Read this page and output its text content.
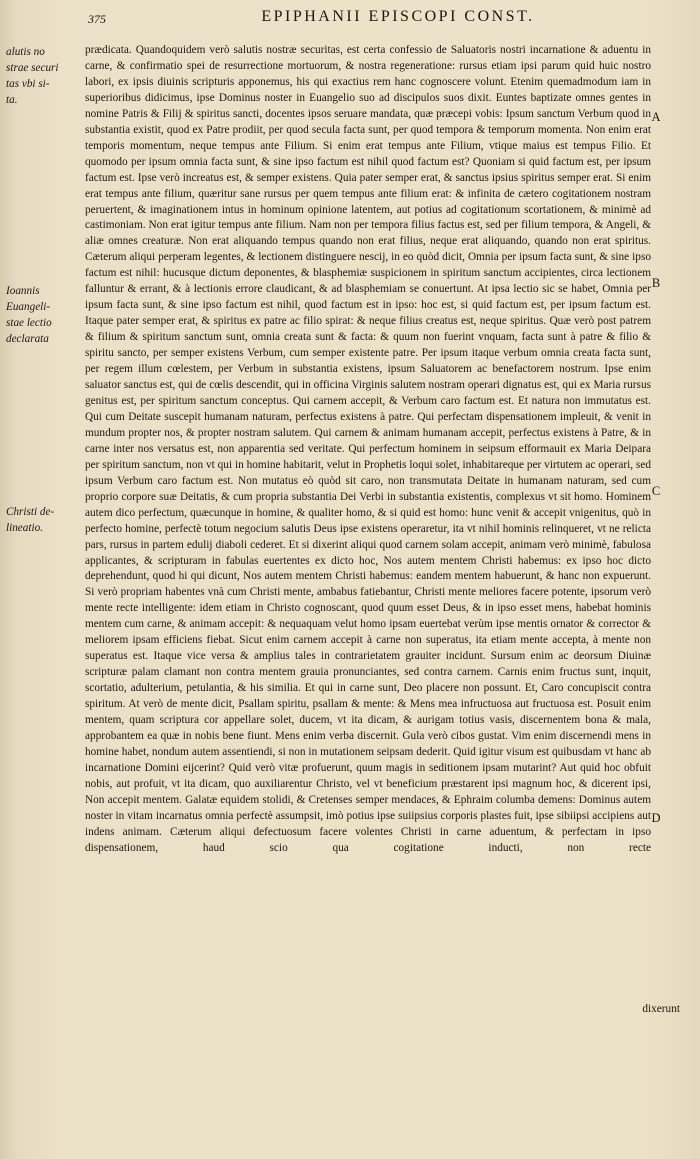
375	EPIPHANII EPISCOPI CONST.
alutis no
strae securi
tas vbi si-
ta.
Ioannis
Euangeli-
stae lectio
declarata
Christi de-
lineatio.

prædicata. Quandoquidem verò salutis nostræ securitas, est certa confessio de Saluatoris nostri incarnatione & aduentu in carne, & confirmatio spei de resurrectione mortuorum, & nostra regeneratione: rursus etiam ipsi parum quid huic nostro labori, ex ipsis diuinis scripturis apponemus, his qui exactius rem hanc cognoscere volunt. Etenim quemadmodum iam in superioribus didicimus, ipse Dominus noster in Euangelio suo ad discipulos suos dixit. Euntes baptizate omnes gentes in nomine Patris & Filij & spiritus sancti, docentes ipsos seruare mandata, quæ præcepi vobis: Ipsum sanctum Verbum quod in substantia existit, quod ex Patre prodiit, per quod secula facta sunt, per quod tempora & temporum momenta. Non enim erat temporis momentum, neque tempus ante Filium. Si enim erat tempus ante Filium, vtique maius est tempus Filio. Et quomodo per ipsum omnia facta sunt, & sine ipso factum est nihil quod factum est? Quoniam si quid factum est, per ipsum factum est. Ipse verò increatus est, & semper existens. Quia pater semper erat, & sanctus ipsius spiritus semper erat. Si enim erat tempus ante filium, quæritur sane rursus per quem tempus ante filium erat: & infinita de cætero cogitationem nostram peruertent, & imaginationem intus in hominum opinione latentem, aut potius ad cogitationum scortationem, & minimè ad castimoniam. Non erat igitur tempus ante filium. Nam non per tempora filius factus est, sed per filium tempora, & Angeli, & aliæ omnes creaturæ. Non erat aliquando tempus quando non erat filius, neque erat aliquando, quando non erat spiritus. Cæterum aliqui perperam legentes, & lectionem distinguere nescij, in eo quòd dicit, Omnia per ipsum facta sunt, & sine ipso factum est nihil: hucusque dictum deponentes, & blasphemiæ suspicionem in spiritum sanctum accipientes, circa lectionem falluntur & errant, & à lectionis errore claudicant, & ad blasphemiam se conuertunt. At ipsa lectio sic se habet, Omnia per ipsum facta sunt, & sine ipso factum est nihil, quod factum est in ipso: hoc est, si quid factum est, per ipsum factum est. Itaque pater semper erat, & spiritus ex patre ac filio spirat: & neque filius creatus est, neque spiritus. Quæ verò post patrem & filium & spiritum sanctum sunt, omnia creata sunt & facta: & quum non fuerint vnquam, facta sunt à patre & filio & spiritu sancto, per semper existens Verbum, cum semper existente patre. Per ipsum itaque verbum omnia creata facta sunt, per regem illum cœlestem, per Verbum in substantia existens, ipsum Saluatorem ac benefactorem nostrum. Ipse enim saluator sanctus est, qui de cœlis descendit, qui in officina Virginis salutem nostram operari dignatus est, qui ex Maria rursus genitus est, per spiritum sanctum conceptus. Qui carnem accepit, & Verbum caro factum est. Et natura non immutatus est. Qui cum Deitate suscepit humanam naturam, perfectus existens à patre. Qui perfectam dispensationem impleuit, & venit in mundum propter nos, & propter nostram salutem. Qui carnem & animam humanam accepit, perfectus existens à Patre, & in carne inter nos versatus est, non apparentia sed veritate. Qui perfectum hominem in seipsum efformauit ex Maria Deipara per spiritum sanctum, non vt qui in homine habitarit, velut in Prophetis loqui solet, inhabitareque per virtutem ac operari, sed ipsum Verbum caro factum est. Non mutatus eò quòd sit caro, non transmutata Deitate in humanam naturam, sed cum proprio corpore suæ Deitatis, & cum propria substantia Dei Verbi in substantia existentis, complexus vt sit homo. Hominem autem dico perfectum, quæcunque in homine, & qualiter homo, & si quid est homo: hunc venit & accepit vnigenitus, quò in perfecto homine, perfectè totum negocium salutis Deus ipse existens operaretur, ita vt nihil hominis relinqueret, vt ne relicta pars, rursus in partem edulij diaboli cederet. Et si dixerint aliqui quod carnem solam accepit, animam verò minimè, fabulosa applicantes, & scripturam in fabulas euertentes ex dicto hoc, Nos autem mentem Christi habemus: ex ipso hoc dicto deprehendunt, quod hi qui dicunt, Nos autem mentem Christi habemus: eandem mentem habuerunt, & hanc non expuerunt. Si verò propriam habentes vnà cum Christi mente, ambabus fatiebantur, Christi mente meliores facere potente, ipsorum verò mente recte intelligente: idem etiam in Christo cognoscant, quod quum esset Deus, & in ipso esset mens, habebat hominis mentem cum carne, & animam accepit: & nequaquam velut homo ipsam euertebat verùm ipse mentis ornator & corrector & meliorem ipsam efficiens fiebat. Sicut enim carnem accepit à carne non superatus, ita etiam mente accepta, à mente non superatus est. Itaque vice versa & amplius tales in contrarietatem grauiter incidunt. Sursum enim ac deorsum Diuinæ scripturæ palam clamant non contra mentem grauia pronunciantes, sed contra carnem. Carnis enim fructus sunt, inquit, scortatio, adulterium, petulantia, & his similia. Et qui in carne sunt, Deo placere non possunt. Et, Caro concupiscit contra spiritum. At verò de mente dicit, Psallam spiritu, psallam & mente: & Mens mea infructuosa aut fructuosa est. Posuit enim mentem, quam scriptura cor appellare solet, ducem, vt ita dicam, & aurigam totius vasis, discernentem bona & mala, approbantem ea quæ in nobis bene fiunt. Mens enim verba discernit. Gula verò cibos gustat. Vim enim discernendi mens in homine habet, nondum autem assentiendi, si non in mutationem seipsam dederit. Quid igitur visum est quibusdam vt hanc ab incarnatione Domini eijcerint? Quid verò vitæ profuerunt, quum magis in seditionem ipsam mutarint? Aut quid hoc obfuit nobis, aut profuit, vt ita dicam, quo auxiliarentur Christo, vel vt beneficium præstarent ipsi magnum hoc, & dicerent ipsi, Non accepit mentem. Galatæ equidem stolidi, & Cretenses semper mendaces, & Ephraim columba demens: Dominus autem noster in vitam incarnatus omnia perfectè assumpsit, imò potius ipse suiipsius corporis plastes fuit, ipse sibiipsi accipiens aut indens animam. Cæterum aliqui defectuosum facere volentes Christi in carne aduentum, & perfectam in ipso dispensationem, haud scio qua cogitatione inducti, non recte

A
B
C
D
dixerunt
